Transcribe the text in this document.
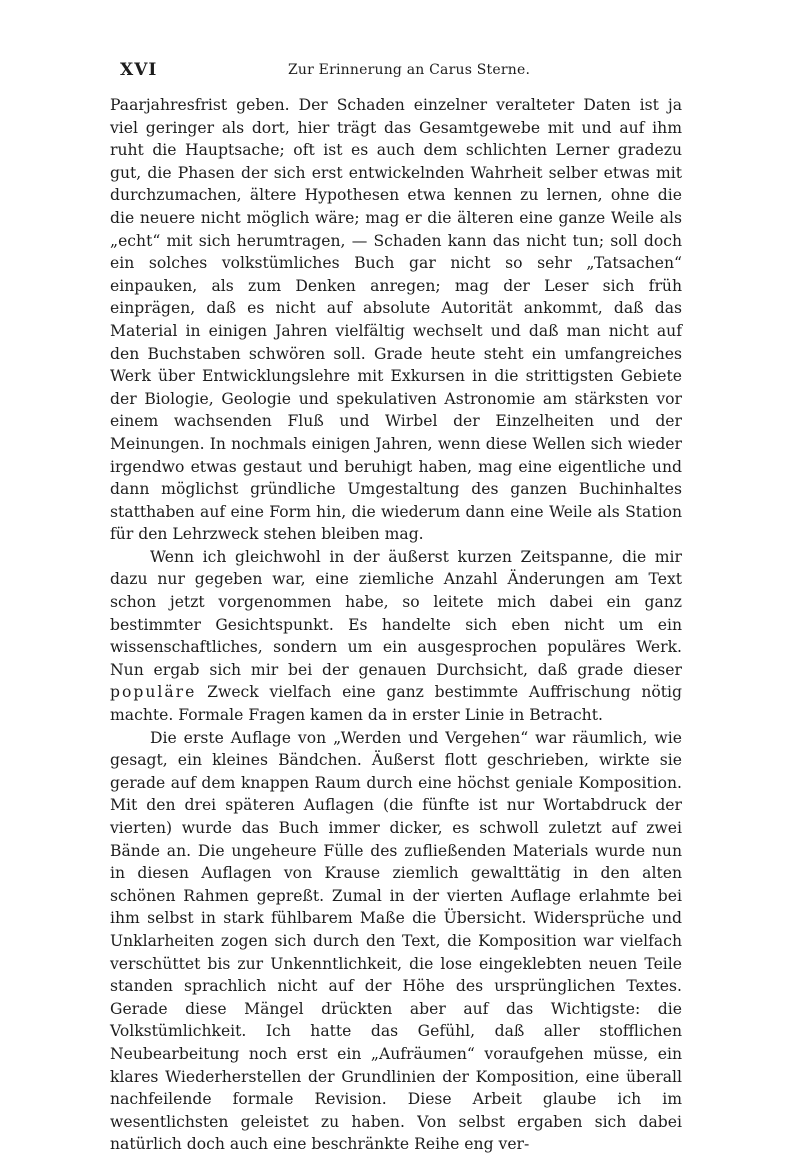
XVI	Zur Erinnerung an Carus Sterne.

Paarjahresfrist geben. Der Schaden einzelner veralteter Daten ist ja viel geringer als dort, hier trägt das Gesamtgewebe mit und auf ihm ruht die Hauptsache; oft ist es auch dem schlichten Lerner gradezu gut, die Phasen der sich erst entwickelnden Wahrheit selber etwas mit durchzumachen, ältere Hypothesen etwa kennen zu lernen, ohne die die neuere nicht möglich wäre; mag er die älteren eine ganze Weile als „echt“ mit sich herumtragen, — Schaden kann das nicht tun; soll doch ein solches volkstümliches Buch gar nicht so sehr „Tatsachen“ einpauken, als zum Denken anregen; mag der Leser sich früh einprägen, daß es nicht auf absolute Autorität ankommt, daß das Material in einigen Jahren vielfältig wechselt und daß man nicht auf den Buchstaben schwören soll. Grade heute steht ein umfangreiches Werk über Entwicklungslehre mit Exkursen in die strittigsten Gebiete der Biologie, Geologie und spekulativen Astronomie am stärksten vor einem wachsenden Fluß und Wirbel der Einzelheiten und der Meinungen. In nochmals einigen Jahren, wenn diese Wellen sich wieder irgendwo etwas gestaut und beruhigt haben, mag eine eigentliche und dann möglichst gründliche Umgestaltung des ganzen Buchinhaltes statthaben auf eine Form hin, die wiederum dann eine Weile als Station für den Lehrzweck stehen bleiben mag.

Wenn ich gleichwohl in der äußerst kurzen Zeitspanne, die mir dazu nur gegeben war, eine ziemliche Anzahl Änderungen am Text schon jetzt vorgenommen habe, so leitete mich dabei ein ganz bestimmter Gesichtspunkt. Es handelte sich eben nicht um ein wissenschaftliches, sondern um ein ausgesprochen populäres Werk. Nun ergab sich mir bei der genauen Durchsicht, daß grade dieser populäre Zweck vielfach eine ganz bestimmte Auffrischung nötig machte. Formale Fragen kamen da in erster Linie in Betracht.

Die erste Auflage von „Werden und Vergehen“ war räumlich, wie gesagt, ein kleines Bändchen. Äußerst flott geschrieben, wirkte sie gerade auf dem knappen Raum durch eine höchst geniale Komposition. Mit den drei späteren Auflagen (die fünfte ist nur Wortabdruck der vierten) wurde das Buch immer dicker, es schwoll zuletzt auf zwei Bände an. Die ungeheure Fülle des zufließenden Materials wurde nun in diesen Auflagen von Krause ziemlich gewalttätig in den alten schönen Rahmen gepreßt. Zumal in der vierten Auflage erlahmte bei ihm selbst in stark fühlbarem Maße die Übersicht. Widersprüche und Unklarheiten zogen sich durch den Text, die Komposition war vielfach verschüttet bis zur Unkenntlichkeit, die lose eingeklebten neuen Teile standen sprachlich nicht auf der Höhe des ursprünglichen Textes. Gerade diese Mängel drückten aber auf das Wichtigste: die Volkstümlichkeit. Ich hatte das Gefühl, daß aller stofflichen Neubearbeitung noch erst ein „Aufräumen“ voraufgehen müsse, ein klares Wiederherstellen der Grundlinien der Komposition, eine überall nachfeilende formale Revision. Diese Arbeit glaube ich im wesentlichsten geleistet zu haben. Von selbst ergaben sich dabei natürlich doch auch eine beschränkte Reihe eng ver-
